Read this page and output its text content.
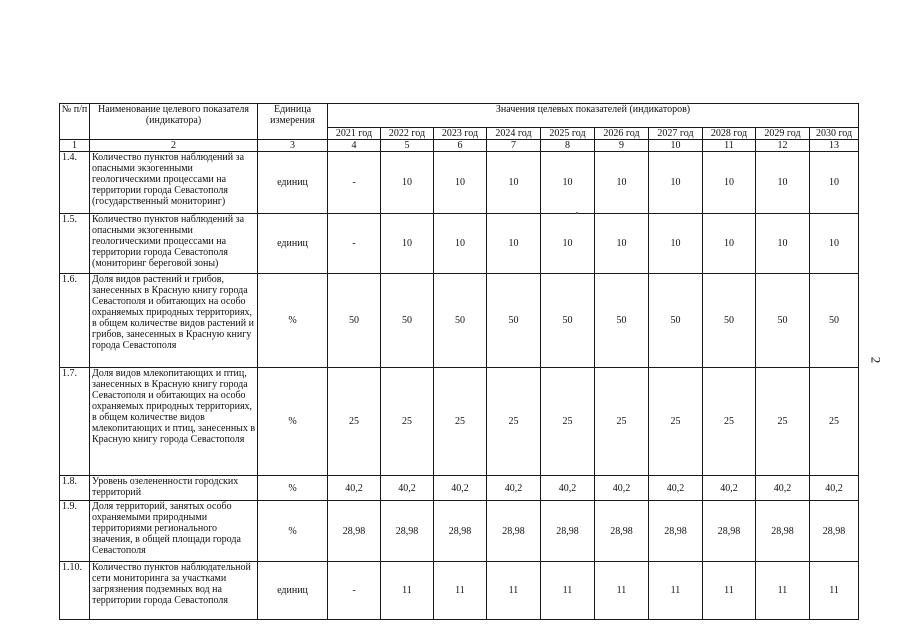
№ п/п	Наименование целевого показателя (индикатора)	Единица измерения	Значения целевых показателей (индикаторов)									
			2021 год	2022 год	2023 год	2024 год	2025 год	2026 год	2027 год	2028 год	2029 год	2030 год
1	2	3	4	5	6	7	8	9	10	11	12	13
1.4.	Количество пунктов наблюдений за опасными экзогенными геологическими процессами на территории города Севастополя (государственный мониторинг)	единиц	-	10	10	10	10	10	10	10	10	10
1.5.	Количество пунктов наблюдений за опасными экзогенными геологическими процессами на территории города Севастополя (мониторинг береговой зоны)	единиц	-	10	10	10	10	10	10	10	10	10
1.6.	Доля видов растений и грибов, занесенных в Красную книгу города Севастополя и обитающих на особо охраняемых природных территориях, в общем количестве видов растений и грибов, занесенных в Красную книгу города Севастополя	%	50	50	50	50	50	50	50	50	50	50
1.7.	Доля видов млекопитающих и птиц, занесенных в Красную книгу города Севастополя и обитающих на особо охраняемых природных территориях, в общем количестве видов млекопитающих и птиц, занесенных в Красную книгу города Севастополя	%	25	25	25	25	25	25	25	25	25	25
1.8.	Уровень озелененности городских территорий	%	40,2	40,2	40,2	40,2	40,2	40,2	40,2	40,2	40,2	40,2
1.9.	Доля территорий, занятых особо охраняемыми природными территориями регионального значения, в общей площади города Севастополя	%	28,98	28,98	28,98	28,98	28,98	28,98	28,98	28,98	28,98	28,98
1.10.	Количество пунктов наблюдательной сети мониторинга за участками загрязнения подземных вод на территории города Севастополя	единиц	-	11	11	11	11	11	11	11	11	11
2
